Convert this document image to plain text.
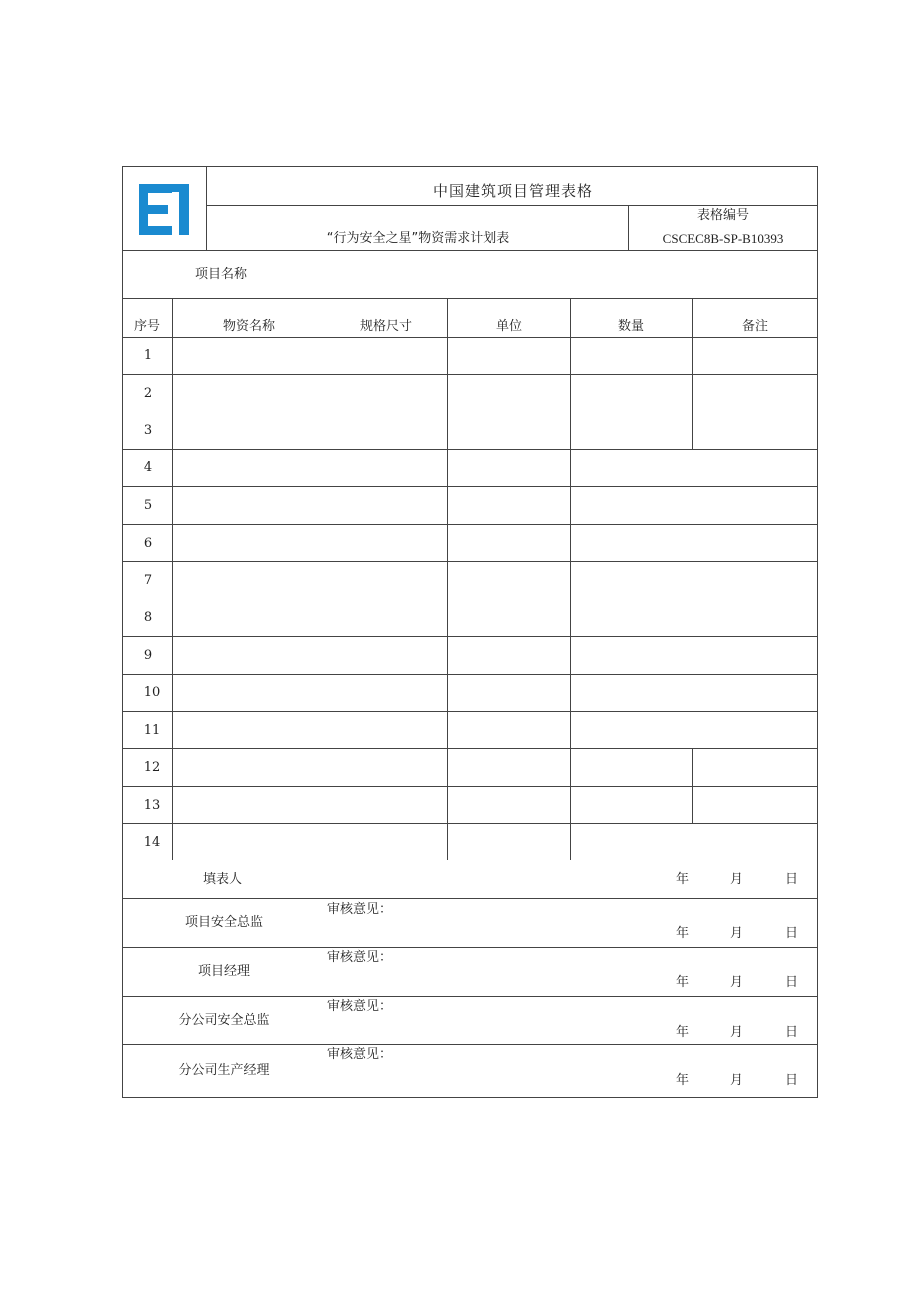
中国建筑项目管理表格
“行为安全之星”物资需求计划表
表格编号
CSCEC8B-SP-B10393
项目名称
序号	物资名称	规格尺寸	单位	数量	备注
1
2
3
4
5
6
7
8
9
10
11
12
13
14
填表人	年	月	日
项目安全总监
审核意见：
年	月	日
项目经理
审核意见：
年	月	日
分公司安全总监
审核意见：
年	月	日
分公司生产经理
审核意见：
年	月	日
